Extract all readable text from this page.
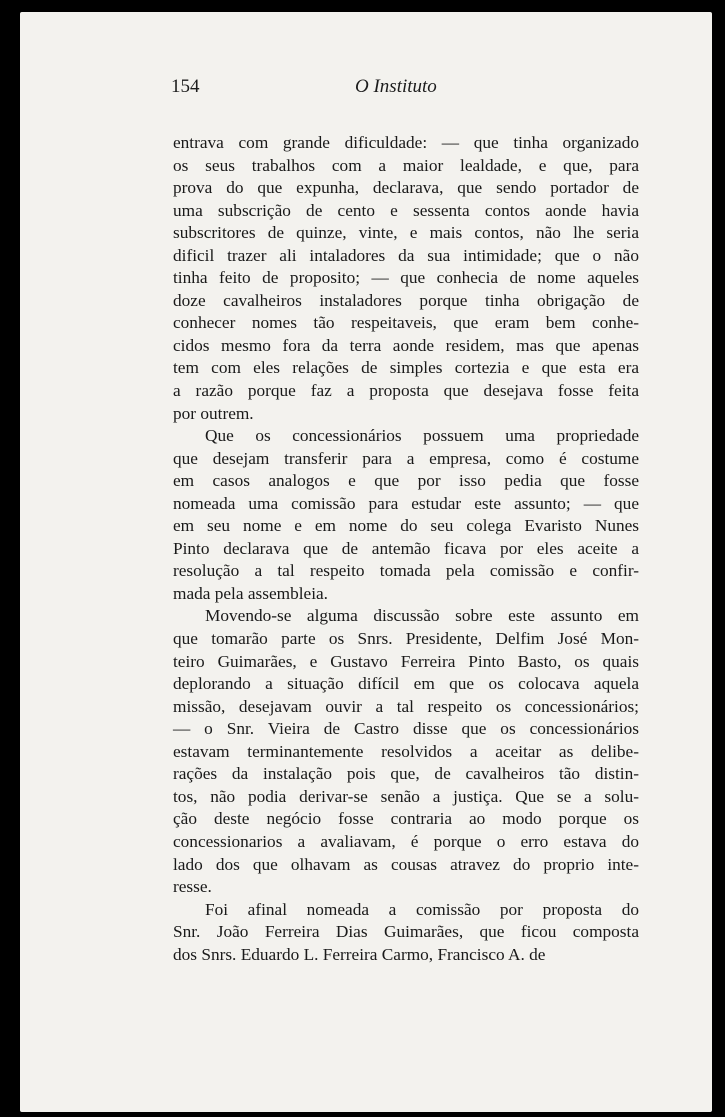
154	O Instituto
entrava com grande dificuldade: — que tinha organizado
os seus trabalhos com a maior lealdade, e que, para
prova do que expunha, declarava, que sendo portador de
uma subscrição de cento e sessenta contos aonde havia
subscritores de quinze, vinte, e mais contos, não lhe seria
dificil trazer ali intaladores da sua intimidade; que o não
tinha feito de proposito; — que conhecia de nome aqueles
doze cavalheiros instaladores porque tinha obrigação de
conhecer nomes tão respeitaveis, que eram bem conhe-
cidos mesmo fora da terra aonde residem, mas que apenas
tem com eles relações de simples cortezia e que esta era
a razão porque faz a proposta que desejava fosse feita
por outrem.
Que os concessionários possuem uma propriedade
que desejam transferir para a empresa, como é costume
em casos analogos e que por isso pedia que fosse
nomeada uma comissão para estudar este assunto; — que
em seu nome e em nome do seu colega Evaristo Nunes
Pinto declarava que de antemão ficava por eles aceite a
resolução a tal respeito tomada pela comissão e confir-
mada pela assembleia.
Movendo-se alguma discussão sobre este assunto em
que tomarão parte os Snrs. Presidente, Delfim José Mon-
teiro Guimarães, e Gustavo Ferreira Pinto Basto, os quais
deplorando a situação difícil em que os colocava aquela
missão, desejavam ouvir a tal respeito os concessionários;
— o Snr. Vieira de Castro disse que os concessionários
estavam terminantemente resolvidos a aceitar as delibe-
rações da instalação pois que, de cavalheiros tão distin-
tos, não podia derivar-se senão a justiça. Que se a solu-
ção deste negócio fosse contraria ao modo porque os
concessionarios a avaliavam, é porque o erro estava do
lado dos que olhavam as cousas atravez do proprio inte-
resse.
Foi afinal nomeada a comissão por proposta do
Snr. João Ferreira Dias Guimarães, que ficou composta
dos Snrs. Eduardo L. Ferreira Carmo, Francisco A. de
